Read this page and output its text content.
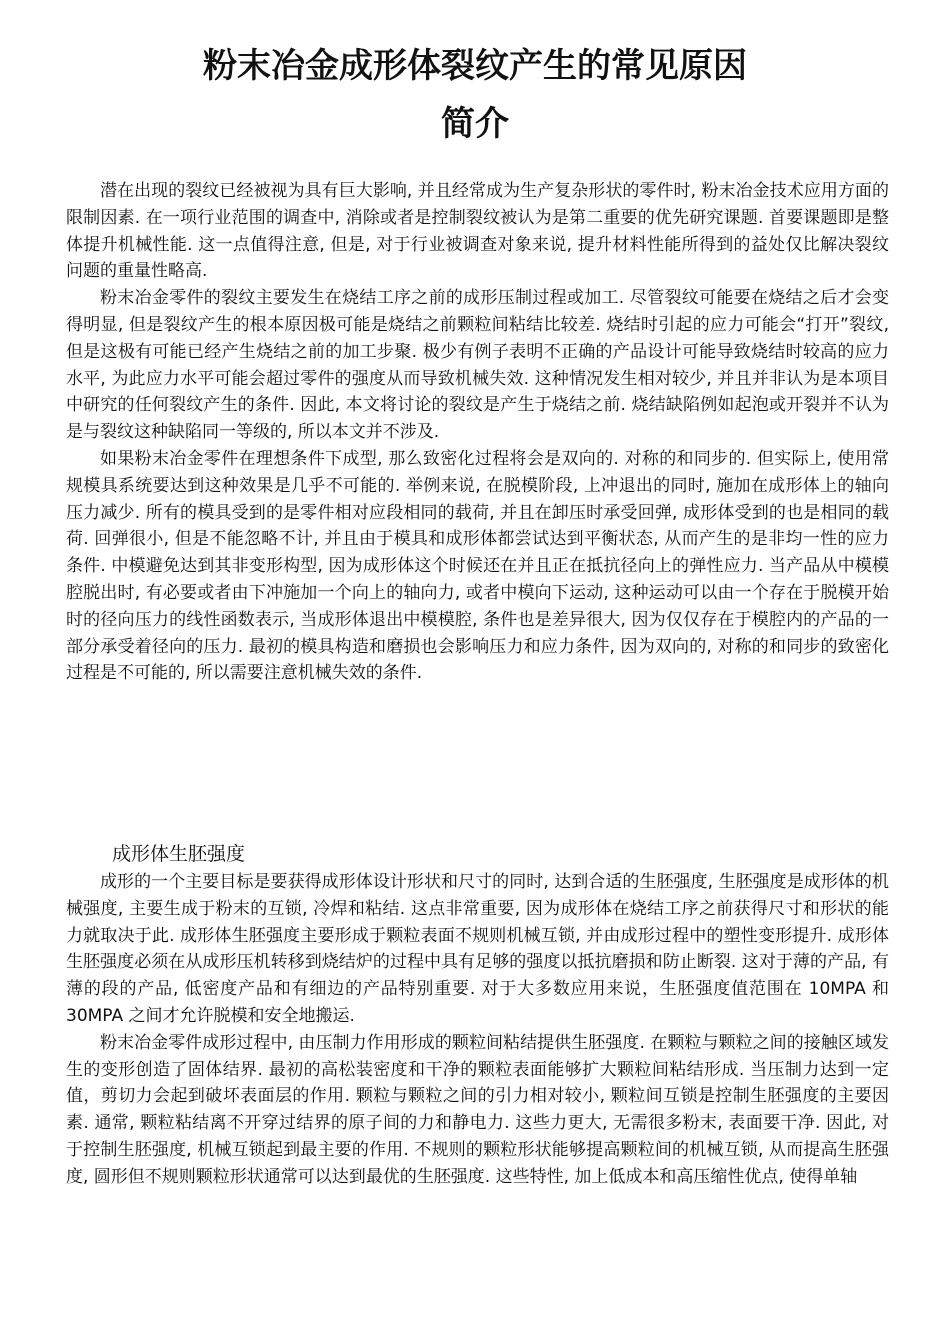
粉末冶金成形体裂纹产生的常见原因
简介

潜在出现的裂纹已经被视为具有巨大影响, 并且经常成为生产复杂形状的零件时, 粉末冶金技术应用方面的限制因素. 在一项行业范围的调查中, 消除或者是控制裂纹被认为是第二重要的优先研究课题. 首要课题即是整体提升机械性能. 这一点值得注意, 但是, 对于行业被调查对象来说, 提升材料性能所得到的益处仅比解决裂纹问题的重量性略高.

粉末冶金零件的裂纹主要发生在烧结工序之前的成形压制过程或加工. 尽管裂纹可能要在烧结之后才会变得明显, 但是裂纹产生的根本原因极可能是烧结之前颗粒间粘结比较差. 烧结时引起的应力可能会“打开”裂纹, 但是这极有可能已经产生烧结之前的加工步聚. 极少有例子表明不正确的产品设计可能导致烧结时较高的应力水平, 为此应力水平可能会超过零件的强度从而导致机械失效. 这种情况发生相对较少, 并且并非认为是本项目中研究的任何裂纹产生的条件. 因此, 本文将讨论的裂纹是产生于烧结之前. 烧结缺陷例如起泡或开裂并不认为是与裂纹这种缺陷同一等级的, 所以本文并不涉及.

如果粉末冶金零件在理想条件下成型, 那么致密化过程将会是双向的. 对称的和同步的. 但实际上, 使用常规模具系统要达到这种效果是几乎不可能的. 举例来说, 在脱模阶段, 上冲退出的同时, 施加在成形体上的轴向压力减少. 所有的模具受到的是零件相对应段相同的载荷, 并且在卸压时承受回弹, 成形体受到的也是相同的载荷. 回弹很小, 但是不能忽略不计, 并且由于模具和成形体都尝试达到平衡状态, 从而产生的是非均一性的应力条件. 中模避免达到其非变形构型, 因为成形体这个时候还在并且正在抵抗径向上的弹性应力. 当产品从中模模腔脱出时, 有必要或者由下冲施加一个向上的轴向力, 或者中模向下运动, 这种运动可以由一个存在于脱模开始时的径向压力的线性函数表示, 当成形体退出中模模腔, 条件也是差异很大, 因为仅仅存在于模腔内的产品的一部分承受着径向的压力. 最初的模具构造和磨损也会影响压力和应力条件, 因为双向的, 对称的和同步的致密化过程是不可能的, 所以需要注意机械失效的条件.

成形体生胚强度

成形的一个主要目标是要获得成形体设计形状和尺寸的同时, 达到合适的生胚强度, 生胚强度是成形体的机械强度, 主要生成于粉末的互锁, 冷焊和粘结. 这点非常重要, 因为成形体在烧结工序之前获得尺寸和形状的能力就取决于此. 成形体生胚强度主要形成于颗粒表面不规则机械互锁, 并由成形过程中的塑性变形提升. 成形体生胚强度必须在从成形压机转移到烧结炉的过程中具有足够的强度以抵抗磨损和防止断裂. 这对于薄的产品, 有薄的段的产品, 低密度产品和有细边的产品特别重要. 对于大多数应用来说，生胚强度值范围在 10MPA 和 30MPA 之间才允许脱模和安全地搬运.

粉末冶金零件成形过程中, 由压制力作用形成的颗粒间粘结提供生胚强度. 在颗粒与颗粒之间的接触区域发生的变形创造了固体结界. 最初的高松装密度和干净的颗粒表面能够扩大颗粒间粘结形成. 当压制力达到一定值，剪切力会起到破坏表面层的作用. 颗粒与颗粒之间的引力相对较小, 颗粒间互锁是控制生胚强度的主要因素. 通常, 颗粒粘结离不开穿过结界的原子间的力和静电力. 这些力更大, 无需很多粉末, 表面要干净. 因此, 对于控制生胚强度, 机械互锁起到最主要的作用. 不规则的颗粒形状能够提高颗粒间的机械互锁, 从而提高生胚强度, 圆形但不规则颗粒形状通常可以达到最优的生胚强度. 这些特性, 加上低成本和高压缩性优点, 使得单轴
